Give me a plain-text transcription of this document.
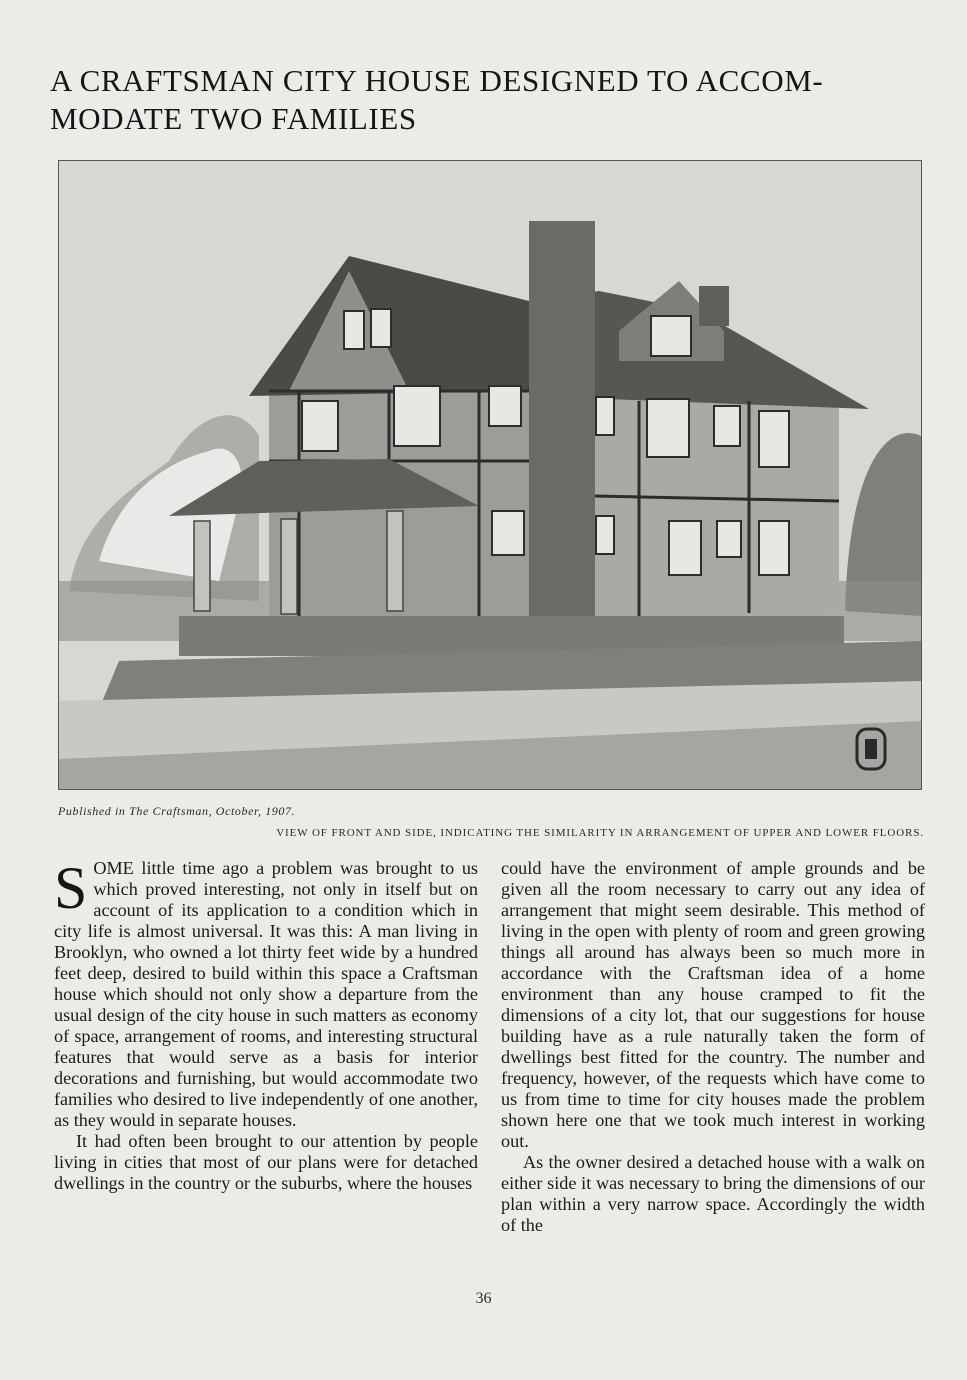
A CRAFTSMAN CITY HOUSE DESIGNED TO ACCOMMODATE TWO FAMILIES
Published in The Craftsman, October, 1907.
VIEW OF FRONT AND SIDE, INDICATING THE SIMILARITY IN ARRANGEMENT OF UPPER AND LOWER FLOORS.

S OME little time ago a problem was brought to us which proved interesting, not only in itself but on account of its application to a condition which in city life is almost universal. It was this: A man living in Brooklyn, who owned a lot thirty feet wide by a hundred feet deep, desired to build within this space a Craftsman house which should not only show a departure from the usual design of the city house in such matters as economy of space, arrangement of rooms, and interesting structural features that would serve as a basis for interior decorations and furnishing, but would accommodate two families who desired to live independently of one another, as they would in separate houses.

It had often been brought to our attention by people living in cities that most of our plans were for detached dwellings in the country or the suburbs, where the houses

could have the environment of ample grounds and be given all the room necessary to carry out any idea of arrangement that might seem desirable. This method of living in the open with plenty of room and green growing things all around has always been so much more in accordance with the Craftsman idea of a home environment than any house cramped to fit the dimensions of a city lot, that our suggestions for house building have as a rule naturally taken the form of dwellings best fitted for the country. The number and frequency, however, of the requests which have come to us from time to time for city houses made the problem shown here one that we took much interest in working out.

As the owner desired a detached house with a walk on either side it was necessary to bring the dimensions of our plan within a very narrow space. Accordingly the width of the

36
